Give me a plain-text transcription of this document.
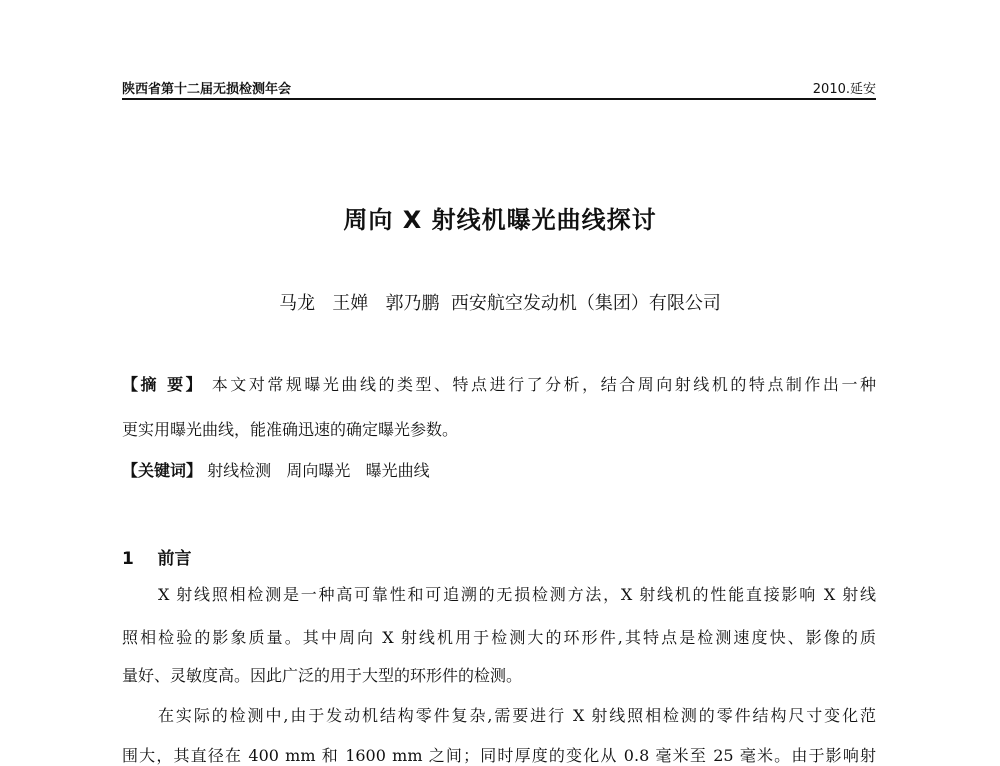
陕西省第十二届无损检测年会	2010.延安
周向 X 射线机曝光曲线探讨
马龙   王婵   郭乃鹏  西安航空发动机（集团）有限公司
【摘 要】 本文对常规曝光曲线的类型、特点进行了分析，结合周向射线机的特点制作出一种
更实用曝光曲线，能准确迅速的确定曝光参数。
【关键词】 射线检测   周向曝光   曝光曲线
1    前言
X 射线照相检测是一种高可靠性和可追溯的无损检测方法，X 射线机的性能直接影响 X 射线
照相检验的影象质量。其中周向 X 射线机用于检测大的环形件,其特点是检测速度快、影像的质
量好、灵敏度高。因此广泛的用于大型的环形件的检测。
在实际的检测中,由于发动机结构零件复杂,需要进行 X 射线照相检测的零件结构尺寸变化范
围大，其直径在 400 mm 和 1600 mm 之间；同时厚度的变化从 0.8 毫米至 25 毫米。由于影响射
